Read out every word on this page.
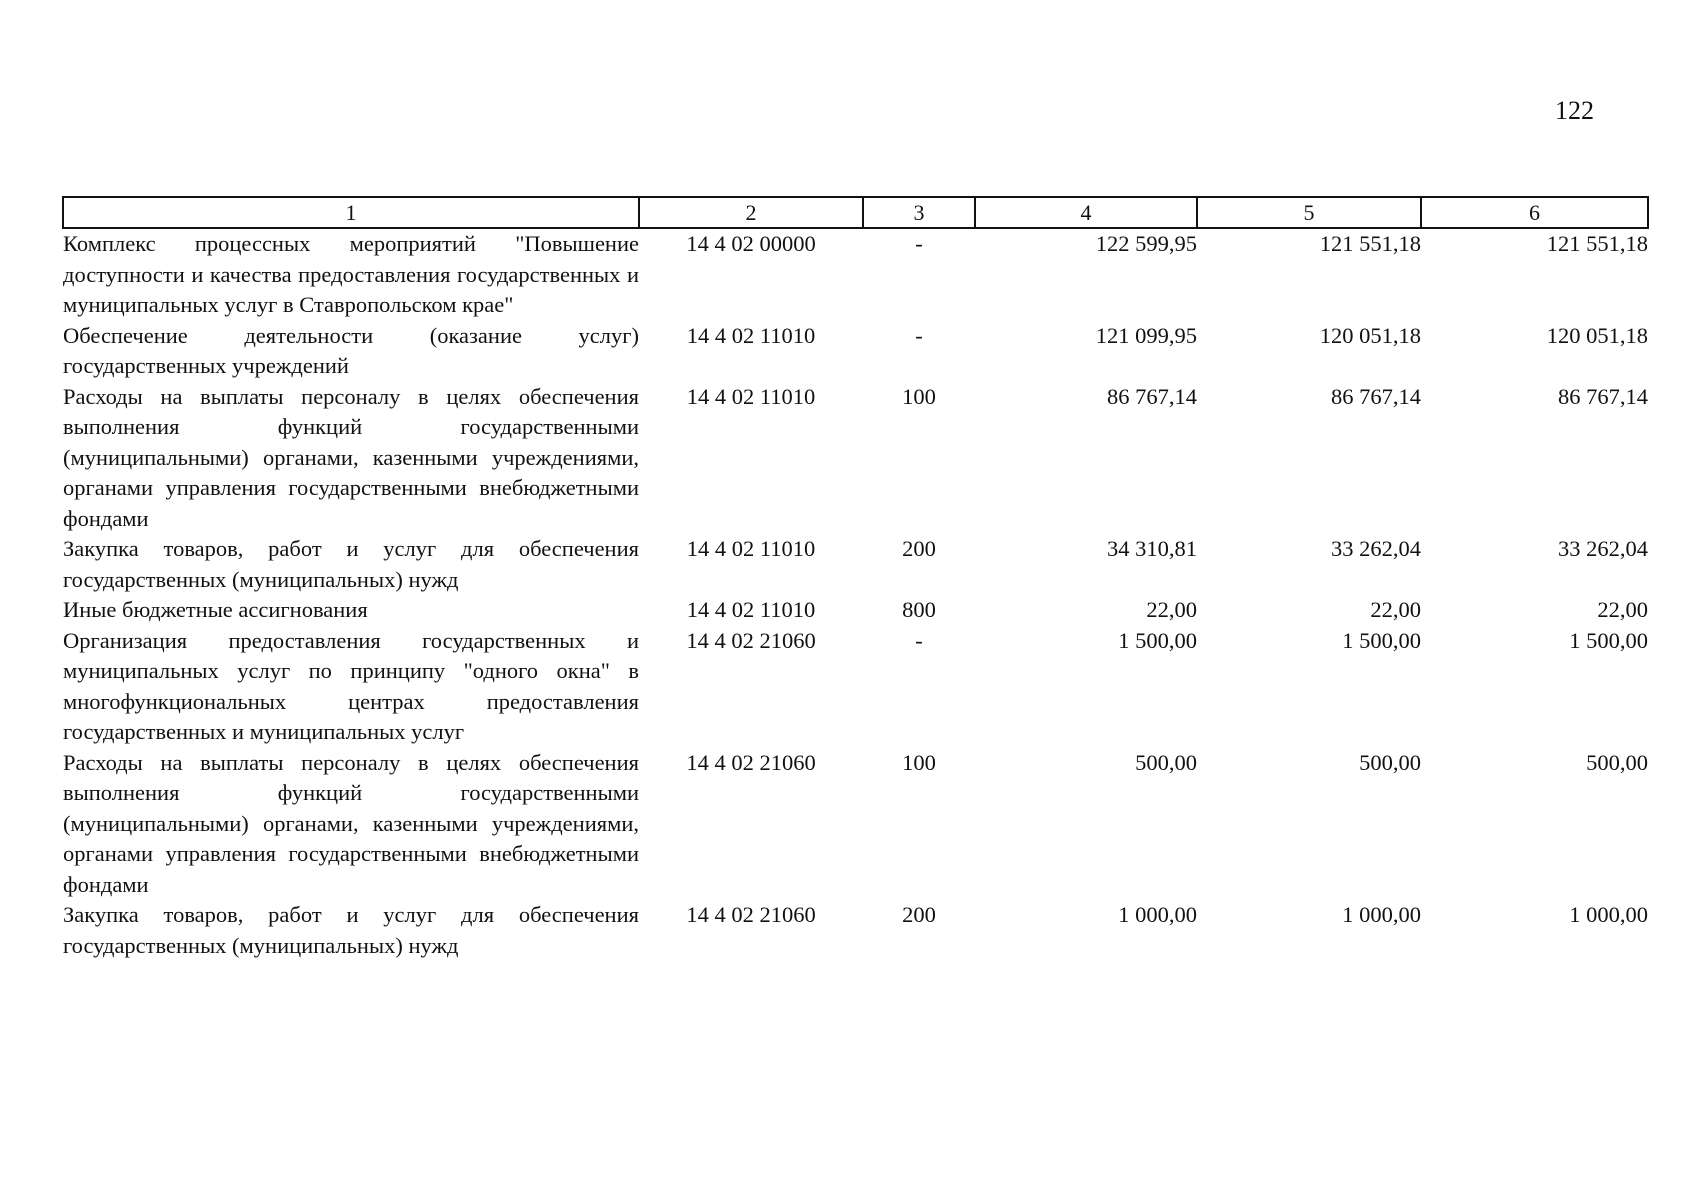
122
1	2	3	4	5	6
Комплекс процессных мероприятий "Повышение доступности и качества предоставления государственных и муниципальных услуг в Ставропольском крае"	14 4 02 00000	-	122 599,95	121 551,18	121 551,18
Обеспечение деятельности (оказание услуг) государственных учреждений	14 4 02 11010	-	121 099,95	120 051,18	120 051,18
Расходы на выплаты персоналу в целях обеспечения выполнения функций государственными (муниципальными) органами, казенными учреждениями, органами управления государственными внебюджетными фондами	14 4 02 11010	100	86 767,14	86 767,14	86 767,14
Закупка товаров, работ и услуг для обеспечения государственных (муниципальных) нужд	14 4 02 11010	200	34 310,81	33 262,04	33 262,04
Иные бюджетные ассигнования	14 4 02 11010	800	22,00	22,00	22,00
Организация предоставления государственных и муниципальных услуг по принципу "одного окна" в многофункциональных центрах предоставления государственных и муниципальных услуг	14 4 02 21060	-	1 500,00	1 500,00	1 500,00
Расходы на выплаты персоналу в целях обеспечения выполнения функций государственными (муниципальными) органами, казенными учреждениями, органами управления государственными внебюджетными фондами	14 4 02 21060	100	500,00	500,00	500,00
Закупка товаров, работ и услуг для обеспечения государственных (муниципальных) нужд	14 4 02 21060	200	1 000,00	1 000,00	1 000,00
